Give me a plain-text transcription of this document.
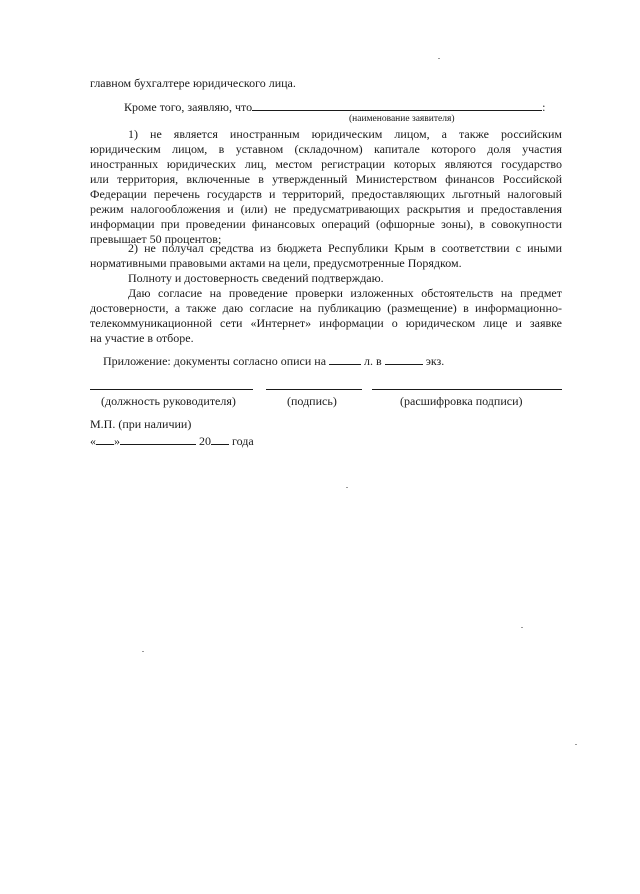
главном бухгалтере юридического лица.
Кроме того, заявляю, что	:
(наименование заявителя)
1) не является иностранным юридическим лицом, а также российским
юридическим лицом, в уставном (складочном) капитале которого доля участия
иностранных юридических лиц, местом регистрации которых являются государство
или территория, включенные в утвержденный Министерством финансов Российской
Федерации перечень государств и территорий, предоставляющих льготный налоговый
режим налогообложения и (или) не предусматривающих раскрытия и предоставления
информации при проведении финансовых операций (офшорные зоны), в совокупности
превышает 50 процентов;
2) не получал средства из бюджета Республики Крым в соответствии с иными
нормативными правовыми актами на цели, предусмотренные Порядком.
Полноту и достоверность сведений подтверждаю.
Даю согласие на проведение проверки изложенных обстоятельств на предмет
достоверности, а также даю согласие на публикацию (размещение) в информационно-
телекоммуникационной сети «Интернет» информации о юридическом лице и заявке
на участие в отборе.
Приложение: документы согласно описи на	л. в	экз.
(должность руководителя)	(подпись)	(расшифровка подписи)
М.П. (при наличии)
« »	20 года
